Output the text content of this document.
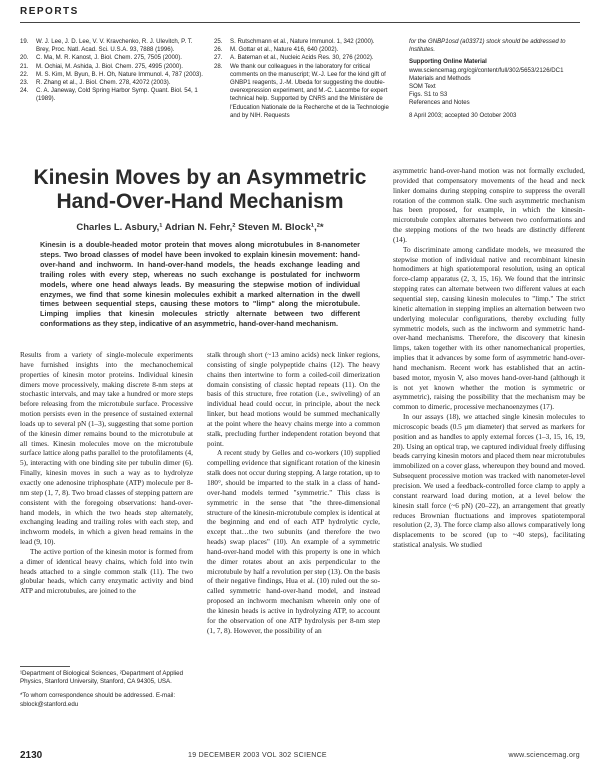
REPORTS
19. W. J. Lee, J. D. Lee, V. V. Kravchenko, R. J. Ulevitch, P. T. Brey, Proc. Natl. Acad. Sci. U.S.A. 93, 7888 (1996).
20. C. Ma, M. R. Kanost, J. Biol. Chem. 275, 7505 (2000).
21. M. Ochiai, M. Ashida, J. Biol. Chem. 275, 4995 (2000).
22. M. S. Kim, M. Byun, B. H. Oh, Nature Immunol. 4, 787 (2003).
23. R. Zhang et al., J. Biol. Chem. 278, 42072 (2003).
24. C. A. Janeway, Cold Spring Harbor Symp. Quant. Biol. 54, 1 (1989).
25. S. Rutschmann et al., Nature Immunol. 1, 342 (2000).
26. M. Gottar et al., Nature 416, 640 (2002).
27. A. Bateman et al., Nucleic Acids Res. 30, 276 (2002).
28. We thank our colleagues in the laboratory for critical comments on the manuscript; W.-J. Lee for the kind gift of GNBP1 reagents, J.-M. Ubeda for suggesting the double-overexpression experiment, and M.-C. Lacombe for expert technical help. Supported by CNRS and the Ministère de l'Education Nationale de la Recherche et de la Technologie and by NIH. Requests
for the GNBP1osd (a03371) stock should be addressed to Institutes.
Supporting Online Material
www.sciencemag.org/cgi/content/full/302/5653/2126/DC1
Materials and Methods
SOM Text
Figs. S1 to S3
References and Notes
8 April 2003; accepted 30 October 2003
Kinesin Moves by an Asymmetric Hand-Over-Hand Mechanism
Charles L. Asbury,¹ Adrian N. Fehr,² Steven M. Block¹,²*

Kinesin is a double-headed motor protein that moves along microtubules in 8-nanometer steps. Two broad classes of model have been invoked to explain kinesin movement: hand-over-hand and inchworm. In hand-over-hand models, the heads exchange leading and trailing roles with every step, whereas no such exchange is postulated for inchworm models, where one head always leads. By measuring the stepwise motion of individual enzymes, we find that some kinesin molecules exhibit a marked alternation in the dwell times between sequential steps, causing these motors to "limp" along the microtubule. Limping implies that kinesin molecules strictly alternate between two different conformations as they step, indicative of an asymmetric, hand-over-hand mechanism.

Results from a variety of single-molecule experiments have furnished insights into the mechanochemical properties of kinesin motor proteins. Individual kinesin dimers move processively, making discrete 8-nm steps at stochastic intervals, and may take a hundred or more steps before releasing from the microtubule surface. Processive motion persists even in the presence of sustained external loads up to several pN (1–3), suggesting that some portion of the kinesin dimer remains bound to the microtubule at all times. Kinesin molecules move on the microtubule surface lattice along paths parallel to the protofilaments (4, 5), interacting with one binding site per tubulin dimer (6). Finally, kinesin moves in such a way as to hydrolyze exactly one adenosine triphosphate (ATP) molecule per 8-nm step (1, 7, 8). Two broad classes of stepping pattern are consistent with the foregoing observations: hand-over-hand models, in which the two heads step alternately, exchanging leading and trailing roles with each step, and inchworm models, in which a given head remains in the lead (9, 10).

The active portion of the kinesin motor is formed from a dimer of identical heavy chains, which fold into twin heads attached to a single common stalk (11). The two globular heads, which carry enzymatic activity and bind ATP and microtubules, are joined to the

stalk through short (~13 amino acids) neck linker regions, consisting of single polypeptide chains (12). The heavy chains then intertwine to form a coiled-coil dimerization domain consisting of classic heptad repeats (11). On the basis of this structure, free rotation (i.e., swiveling) of an individual head could occur, in principle, about the neck linker, but head motions would be summed mechanically at the point where the heavy chains merge into a common stalk, precluding further independent rotation beyond that point.

A recent study by Gelles and co-workers (10) supplied compelling evidence that significant rotation of the kinesin stalk does not occur during stepping. A large rotation, up to 180°, should be imparted to the stalk in a class of hand-over-hand models termed "symmetric." This class is symmetric in the sense that "the three-dimensional structure of the kinesin-microtubule complex is identical at the beginning and end of each ATP hydrolytic cycle, except that…the two subunits (and therefore the two heads) swap places" (10). An example of a symmetric hand-over-hand model with this property is one in which the dimer rotates about an axis perpendicular to the microtubule by half a revolution per step (13). On the basis of their negative findings, Hua et al. (10) ruled out the so-called symmetric hand-over-hand model, and instead proposed an inchworm mechanism wherein only one of the kinesin heads is active in hydrolyzing ATP, to account for the observation of one ATP hydrolysis per 8-nm step (1, 7, 8). However, the possibility of an

asymmetric hand-over-hand motion was not formally excluded, provided that compensatory movements of the head and neck linker domains during stepping conspire to suppress the overall rotation of the common stalk. One such asymmetric mechanism has been proposed, for example, in which the kinesin-microtubule complex alternates between two conformations and the stepping motions of the two heads are distinctly different (14).

To discriminate among candidate models, we measured the stepwise motion of individual native and recombinant kinesin homodimers at high spatiotemporal resolution, using an optical force-clamp apparatus (2, 3, 15, 16). We found that the intrinsic stepping rates can alternate between two different values at each sequential step, causing kinesin molecules to "limp." The strict kinetic alternation in stepping implies an alternation between two underlying molecular configurations, thereby excluding fully symmetric models, such as the inchworm and symmetric hand-over-hand mechanisms. Therefore, the discovery that kinesin limps, taken together with its other nanomechanical properties, implies that it advances by some form of asymmetric hand-over-hand mechanism. Recent work has established that an actin-based motor, myosin V, also moves hand-over-hand (although it is not yet known whether the motion is symmetric or asymmetric), raising the possibility that the mechanism may be common to dimeric, processive mechanoenzymes (17).

In our assays (18), we attached single kinesin molecules to microscopic beads (0.5 μm diameter) that served as markers for position and as handles to apply external forces (1–3, 15, 16, 19, 20). Using an optical trap, we captured individual freely diffusing beads carrying kinesin motors and placed them near microtubules immobilized on a cover glass, whereupon they bound and moved. Subsequent processive motion was tracked with nanometer-level precision. We used a feedback-controlled force clamp to apply a constant rearward load during motion, at a level below the kinesin stall force (~6 pN) (20–22), an arrangement that greatly reduces Brownian fluctuations and improves spatiotemporal resolution (2, 3). The force clamp also allows comparatively long displacements to be scored (up to ~40 steps), facilitating statistical analysis. We studied

¹Department of Biological Sciences, ²Department of Applied Physics, Stanford University, Stanford, CA 94305, USA.

*To whom correspondence should be addressed. E-mail: sblock@stanford.edu

2130	19 DECEMBER 2003 VOL 302 SCIENCE	www.sciencemag.org
